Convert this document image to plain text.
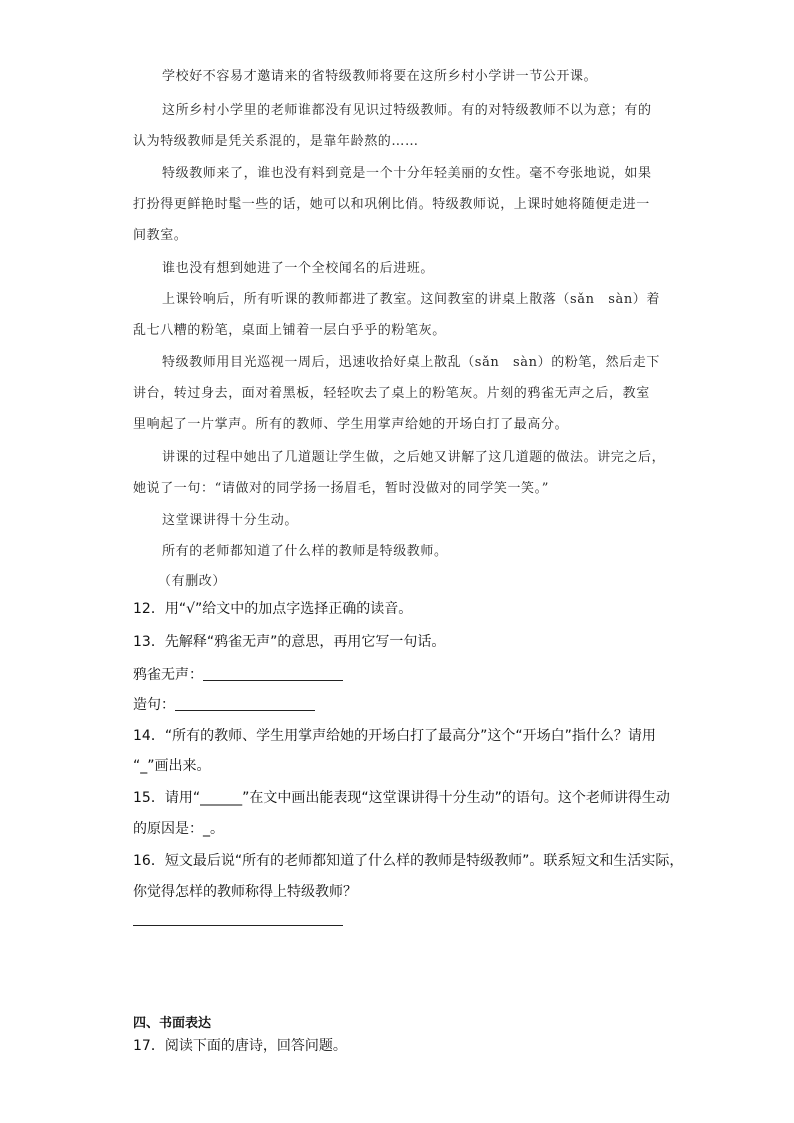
学校好不容易才邀请来的省特级教师将要在这所乡村小学讲一节公开课。

这所乡村小学里的老师谁都没有见识过特级教师。有的对特级教师不以为意；有的

认为特级教师是凭关系混的，是靠年龄熬的……

特级教师来了，谁也没有料到竟是一个十分年轻美丽的女性。毫不夸张地说，如果

打扮得更鲜艳时髦一些的话，她可以和巩俐比俏。特级教师说，上课时她将随便走进一

间教室。

谁也没有想到她进了一个全校闻名的后进班。

上课铃响后，所有听课的教师都进了教室。这间教室的讲桌上散落（sǎn　sàn）着

乱七八糟的粉笔，桌面上铺着一层白乎乎的粉笔灰。

特级教师用目光巡视一周后，迅速收拾好桌上散乱（sǎn　sàn）的粉笔，然后走下

讲台，转过身去，面对着黑板，轻轻吹去了桌上的粉笔灰。片刻的鸦雀无声之后，教室

里响起了一片掌声。所有的教师、学生用掌声给她的开场白打了最高分。

讲课的过程中她出了几道题让学生做，之后她又讲解了这几道题的做法。讲完之后，

她说了一句：“请做对的同学扬一扬眉毛，暂时没做对的同学笑一笑。”

这堂课讲得十分生动。

所有的老师都知道了什么样的教师是特级教师。

（有删改）

12．用“√”给文中的加点字选择正确的读音。

13．先解释“鸦雀无声”的意思，再用它写一句话。

鸦雀无声：

造句：

14．“所有的教师、学生用掌声给她的开场白打了最高分”这个“开场白”指什么？请用

“_”画出来。

15．请用“______”在文中画出能表现“这堂课讲得十分生动”的语句。这个老师讲得生动

的原因是：_。

16．短文最后说“所有的老师都知道了什么样的教师是特级教师”。联系短文和生活实际，

你觉得怎样的教师称得上特级教师？

四、书面表达

17．阅读下面的唐诗，回答问题。
